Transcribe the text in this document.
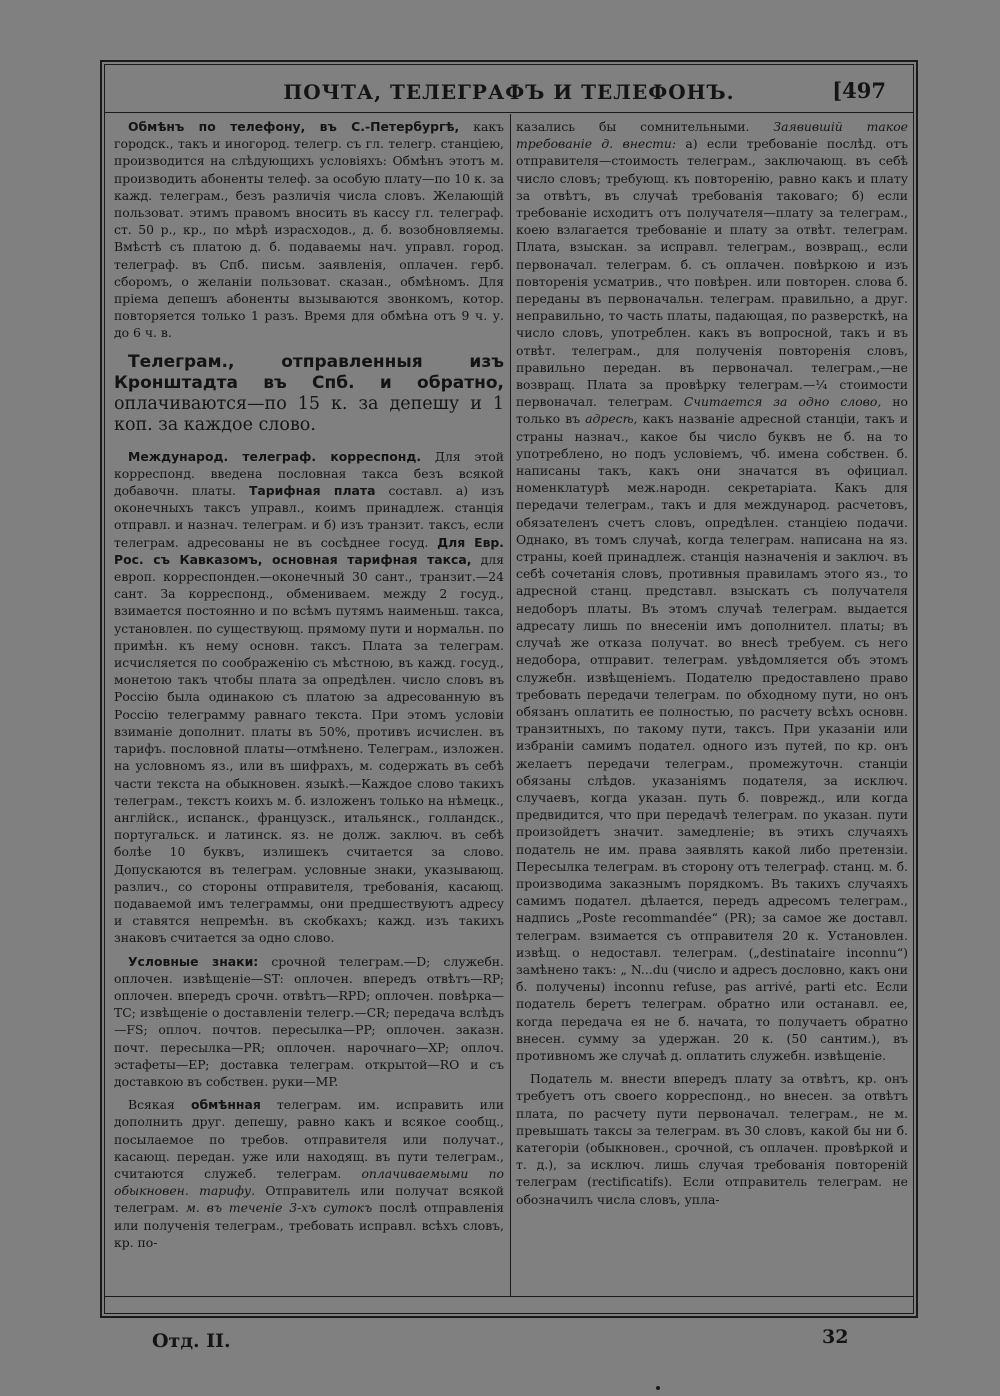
ПОЧТА, ТЕЛЕГРАФЪ И ТЕЛЕФОНЪ.	[497

Обмѣнъ по телефону, въ С.-Петербургѣ, какъ городск., такъ и иногород. телегр. съ гл. телегр. станціею, производится на слѣдующихъ условіяхъ: Обмѣнъ этотъ м. производить абоненты телеф. за особую плату—по 10 к. за кажд. телеграм., безъ различія числа словъ. Желающій пользоват. этимъ правомъ вносить въ кассу гл. телеграф. ст. 50 р., кр., по мѣрѣ израсходов., д. б. возобновляемы. Вмѣстѣ съ платою д. б. подаваемы нач. управл. город. телеграф. въ Спб. письм. заявленія, оплачен. герб. сборомъ, о желаніи пользоват. сказан., обмѣномъ. Для пріема депешъ абоненты вызываются звонкомъ, котор. повторяется только 1 разъ. Время для обмѣна отъ 9 ч. у. до 6 ч. в.

Телеграм., отправленныя изъ Кронштадта въ Спб. и обратно, оплачиваются—по 15 к. за депешу и 1 коп. за каждое слово.

Международ. телеграф. корреспонд. Для этой корреспонд. введена пословная такса безъ всякой добавочн. платы. Тарифная плата составл. а) изъ оконечныхъ таксъ управл., коимъ принадлеж. станція отправл. и назнач. телеграм. и б) изъ транзит. таксъ, если телеграм. адресованы не въ сосѣднее госуд. Для Евр. Рос. съ Кавказомъ, основная тарифная такса, для европ. корреспонден.—оконечный 30 сант., транзит.—24 сант. За корреспонд., обмениваем. между 2 госуд., взимается постоянно и по всѣмъ путямъ наименьш. такса, установлен. по существующ. прямому пути и нормальн. по примѣн. къ нему основн. таксъ. Плата за телеграм. исчисляется по соображенію съ мѣстною, въ кажд. госуд., монетою такъ чтобы плата за опредѣлен. число словъ въ Россію была одинакою съ платою за адресованную въ Россію телеграмму равнаго текста. При этомъ условіи взиманіе дополнит. платы въ 50%, противъ исчислен. въ тарифъ. пословной платы—отмѣнено. Телеграм., изложен. на условномъ яз., или въ шифрахъ, м. содержать въ себѣ части текста на обыкновен. языкѣ.—Каждое слово такихъ телеграм., текстъ коихъ м. б. изложенъ только на нѣмецк., англійск., испанск., французск., итальянск., голландск., португальск. и латинск. яз. не долж. заключ. въ себѣ болѣе 10 буквъ, излишекъ считается за слово. Допускаются въ телеграм. условные знаки, указывающ. различ., со стороны отправителя, требованія, касающ. подаваемой имъ телеграммы, они предшествуютъ адресу и ставятся непремѣн. въ скобкахъ; кажд. изъ такихъ знаковъ считается за одно слово.

Условные знаки: срочной телеграм.—D; служебн. оплочен. извѣщеніе—ST: оплочен. впередъ отвѣтъ—RP; оплочен. впередъ срочн. отвѣтъ—RPD; оплочен. повѣрка—TC; извѣщеніе о доставленіи телегр.—CR; передача вслѣдъ—FS; оплоч. почтов. пересылка—PP; оплочен. заказн. почт. пересылка—PR; оплочен. нарочнаго—XP; оплоч. эстафеты—EP; доставка телеграм. открытой—RO и съ доставкою въ собствен. руки—MP.

Всякая обмѣнная телеграм. им. исправить или дополнить друг. депешу, равно какъ и всякое сообщ., посылаемое по требов. отправителя или получат., касающ. передан. уже или находящ. въ пути телеграм., считаются служеб. телеграм. оплачиваемыми по обыкновен. тарифу. Отправитель или получат всякой телеграм. м. въ теченіе 3-хъ сутокъ послѣ отправленія или полученія телеграм., требовать исправл. всѣхъ словъ, кр. по-

казались бы сомнительными. Заявившій такое требованіе д. внести: а) если требованіе послѣд. отъ отправителя—стоимость телеграм., заключающ. въ себѣ число словъ; требующ. къ повторенію, равно какъ и плату за отвѣтъ, въ случаѣ требованія таковаго; б) если требованіе исходитъ отъ получателя—плату за телеграм., коею взлагается требованіе и плату за отвѣт. телеграм. Плата, взыскан. за исправл. телеграм., возвращ., если первоначал. телеграм. б. съ оплачен. повѣркою и изъ повторенія усматрив., что повѣрен. или повторен. слова б. переданы въ первоначальн. телеграм. правильно, а друг. неправильно, то часть платы, падающая, по разверсткѣ, на число словъ, употреблен. какъ въ вопросной, такъ и въ отвѣт. телеграм., для полученія повторенія словъ, правильно передан. въ первоначал. телеграм.,—не возвращ. Плата за провѣрку телеграм.—¼ стоимости первоначал. телеграм. Считается за одно слово, но только въ адресѣ, какъ названіе адресной станціи, такъ и страны назнач., какое бы число буквъ не б. на то употреблено, но подъ условіемъ, чб. имена собствен. б. написаны такъ, какъ они значатся въ официал. номенклатурѣ меж.народн. секретаріата. Какъ для передачи телеграм., такъ и для международ. расчетовъ, обязателенъ счетъ словъ, опредѣлен. станціею подачи. Однако, въ томъ случаѣ, когда телеграм. написана на яз. страны, коей принадлеж. станція назначенія и заключ. въ себѣ сочетанія словъ, противныя правиламъ этого яз., то адресной станц. представл. взыскать съ получателя недоборъ платы. Въ этомъ случаѣ телеграм. выдается адресату лишь по внесеніи имъ дополнител. платы; въ случаѣ же отказа получат. во внесѣ требуем. съ него недобора, отправит. телеграм. увѣдомляется объ этомъ служебн. извѣщеніемъ. Подателю предоставлено право требовать передачи телеграм. по обходному пути, но онъ обязанъ оплатить ее полностью, по расчету всѣхъ основн. транзитныхъ, по такому пути, таксъ. При указаніи или избраніи самимъ подател. одного изъ путей, по кр. онъ желаетъ передачи телеграм., промежуточн. станціи обязаны слѣдов. указаніямъ подателя, за исключ. случаевъ, когда указан. путь б. поврежд., или когда предвидится, что при передачѣ телеграм. по указан. пути произойдетъ значит. замедленіе; въ этихъ случаяхъ податель не им. права заявлять какой либо претензіи. Пересылка телеграм. въ сторону отъ телеграф. станц. м. б. производима заказнымъ порядкомъ. Въ такихъ случаяхъ самимъ подател. дѣлается, передъ адресомъ телеграм., надпись „Poste recommandée“ (PR); за самое же доставл. телеграм. взимается съ отправителя 20 к. Установлен. извѣщ. о недоставл. телеграм. („destinataire inconnu“) замѣнено такъ: „ N...du (число и адресъ дословно, какъ они б. получены) inconnu refuse, pas arrivé, parti etc. Если податель беретъ телеграм. обратно или останавл. ее, когда передача ея не б. начата, то получаетъ обратно внесен. сумму за удержан. 20 к. (50 сантим.), въ противномъ же случаѣ д. оплатить служебн. извѣщеніе.

Податель м. внести впередъ плату за отвѣтъ, кр. онъ требуетъ отъ своего корреспонд., но внесен. за отвѣтъ плата, по расчету пути первоначал. телеграм., не м. превышать таксы за телеграм. въ 30 словъ, какой бы ни б. категоріи (обыкновен., срочной, съ оплачен. провѣркой и т. д.), за исключ. лишь случая требованія повтореній телеграм (rectificatifs). Если отправитель телеграм. не обозначилъ числа словъ, упла-

Отд. II.	32
